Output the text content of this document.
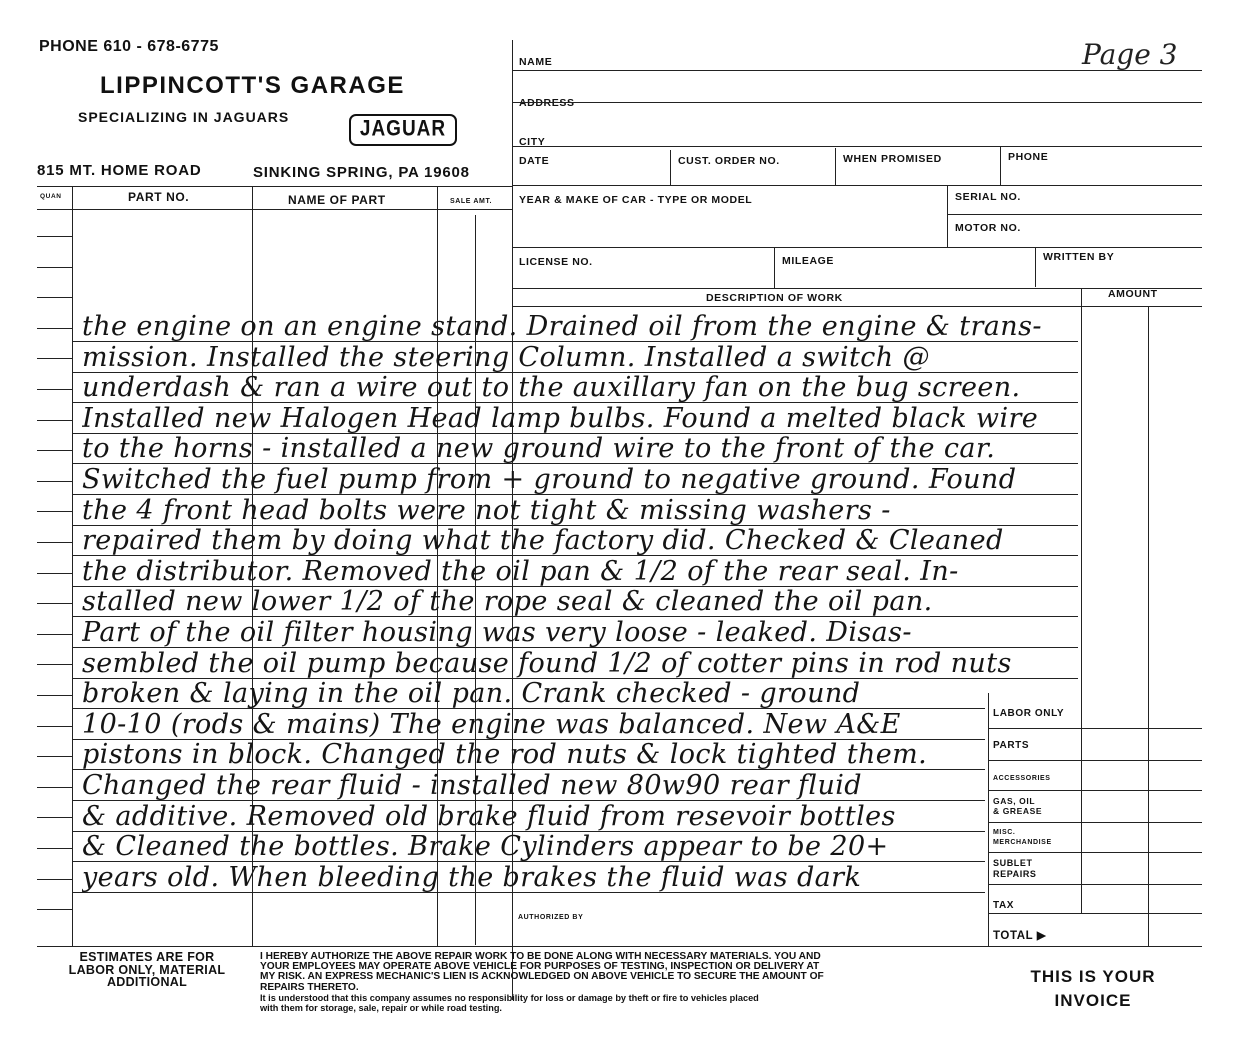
PHONE 610 - 678-6775
LIPPINCOTT'S GARAGE
SPECIALIZING IN JAGUARS
JAGUAR
815 MT. HOME ROAD	SINKING SPRING, PA 19608
Page 3
NAME
ADDRESS
CITY
DATE	CUST. ORDER NO.	WHEN PROMISED	PHONE
YEAR & MAKE OF CAR - TYPE OR MODEL	SERIAL NO.
MOTOR NO.
LICENSE NO.	MILEAGE	WRITTEN BY
DESCRIPTION OF WORK	AMOUNT
QUAN	PART NO.	NAME OF PART	SALE AMT.
the engine on an engine stand. Drained oil from the engine & trans-
mission. Installed the steering Column. Installed a switch @
underdash & ran a wire out to the auxillary fan on the bug screen.
Installed new Halogen Head lamp bulbs. Found a melted black wire
to the horns - installed a new ground wire to the front of the car.
Switched the fuel pump from + ground to negative ground. Found
the 4 front head bolts were not tight & missing washers -
repaired them by doing what the factory did. Checked & Cleaned
the distributor. Removed the oil pan & 1/2 of the rear seal. In-
stalled new lower 1/2 of the rope seal & cleaned the oil pan.
Part of the oil filter housing was very loose - leaked. Disas-
sembled the oil pump because found 1/2 of cotter pins in rod nuts
broken & laying in the oil pan. Crank checked - ground
10-10 (rods & mains) The engine was balanced. New A&E
pistons in block. Changed the rod nuts & lock tighted them.
Changed the rear fluid - installed new 80w90 rear fluid
& additive. Removed old brake fluid from resevoir bottles
& Cleaned the bottles. Brake Cylinders appear to be 20+
years old. When bleeding the brakes the fluid was dark
LABOR ONLY
PARTS
ACCESSORIES
GAS, OIL
& GREASE
MISC.
MERCHANDISE
SUBLET
REPAIRS
TAX
TOTAL ▶
AUTHORIZED BY
ESTIMATES ARE FOR
LABOR ONLY, MATERIAL
ADDITIONAL
I HEREBY AUTHORIZE THE ABOVE REPAIR WORK TO BE DONE ALONG WITH NECESSARY MATERIALS. YOU AND
YOUR EMPLOYEES MAY OPERATE ABOVE VEHICLE FOR PURPOSES OF TESTING, INSPECTION OR DELIVERY AT
MY RISK. AN EXPRESS MECHANIC'S LIEN IS ACKNOWLEDGED ON ABOVE VEHICLE TO SECURE THE AMOUNT OF
REPAIRS THERETO.
It is understood that this company assumes no responsibility for loss or damage by theft or fire to vehicles placed
with them for storage, sale, repair or while road testing.
THIS IS YOUR
INVOICE
